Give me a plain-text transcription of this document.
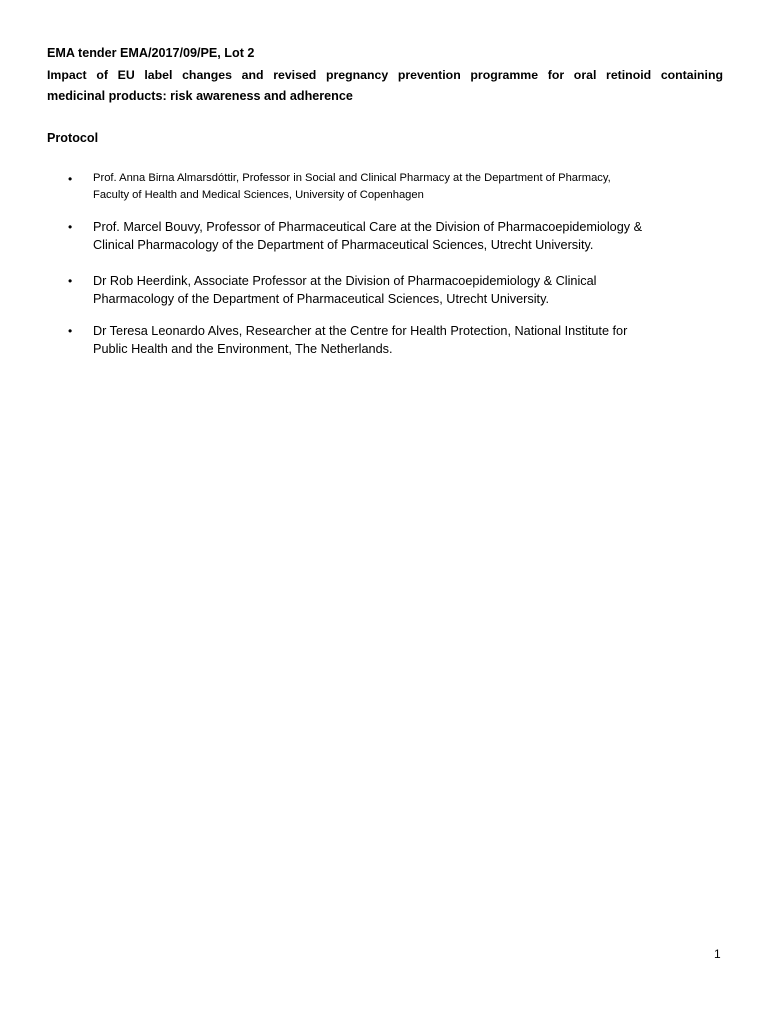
EMA tender EMA/2017/09/PE, Lot 2
Impact of EU label changes and revised pregnancy prevention programme for oral retinoid containing
medicinal products: risk awareness and adherence
Protocol
• Prof. Anna Birna Almarsdóttir, Professor in Social and Clinical Pharmacy at the Department of Pharmacy,
Faculty of Health and Medical Sciences, University of Copenhagen
• Prof. Marcel Bouvy, Professor of Pharmaceutical Care at the Division of Pharmacoepidemiology &
Clinical Pharmacology of the Department of Pharmaceutical Sciences, Utrecht University.
• Dr Rob Heerdink, Associate Professor at the Division of Pharmacoepidemiology & Clinical
Pharmacology of the Department of Pharmaceutical Sciences, Utrecht University.
• Dr Teresa Leonardo Alves, Researcher at the Centre for Health Protection, National Institute for
Public Health and the Environment, The Netherlands.
1
